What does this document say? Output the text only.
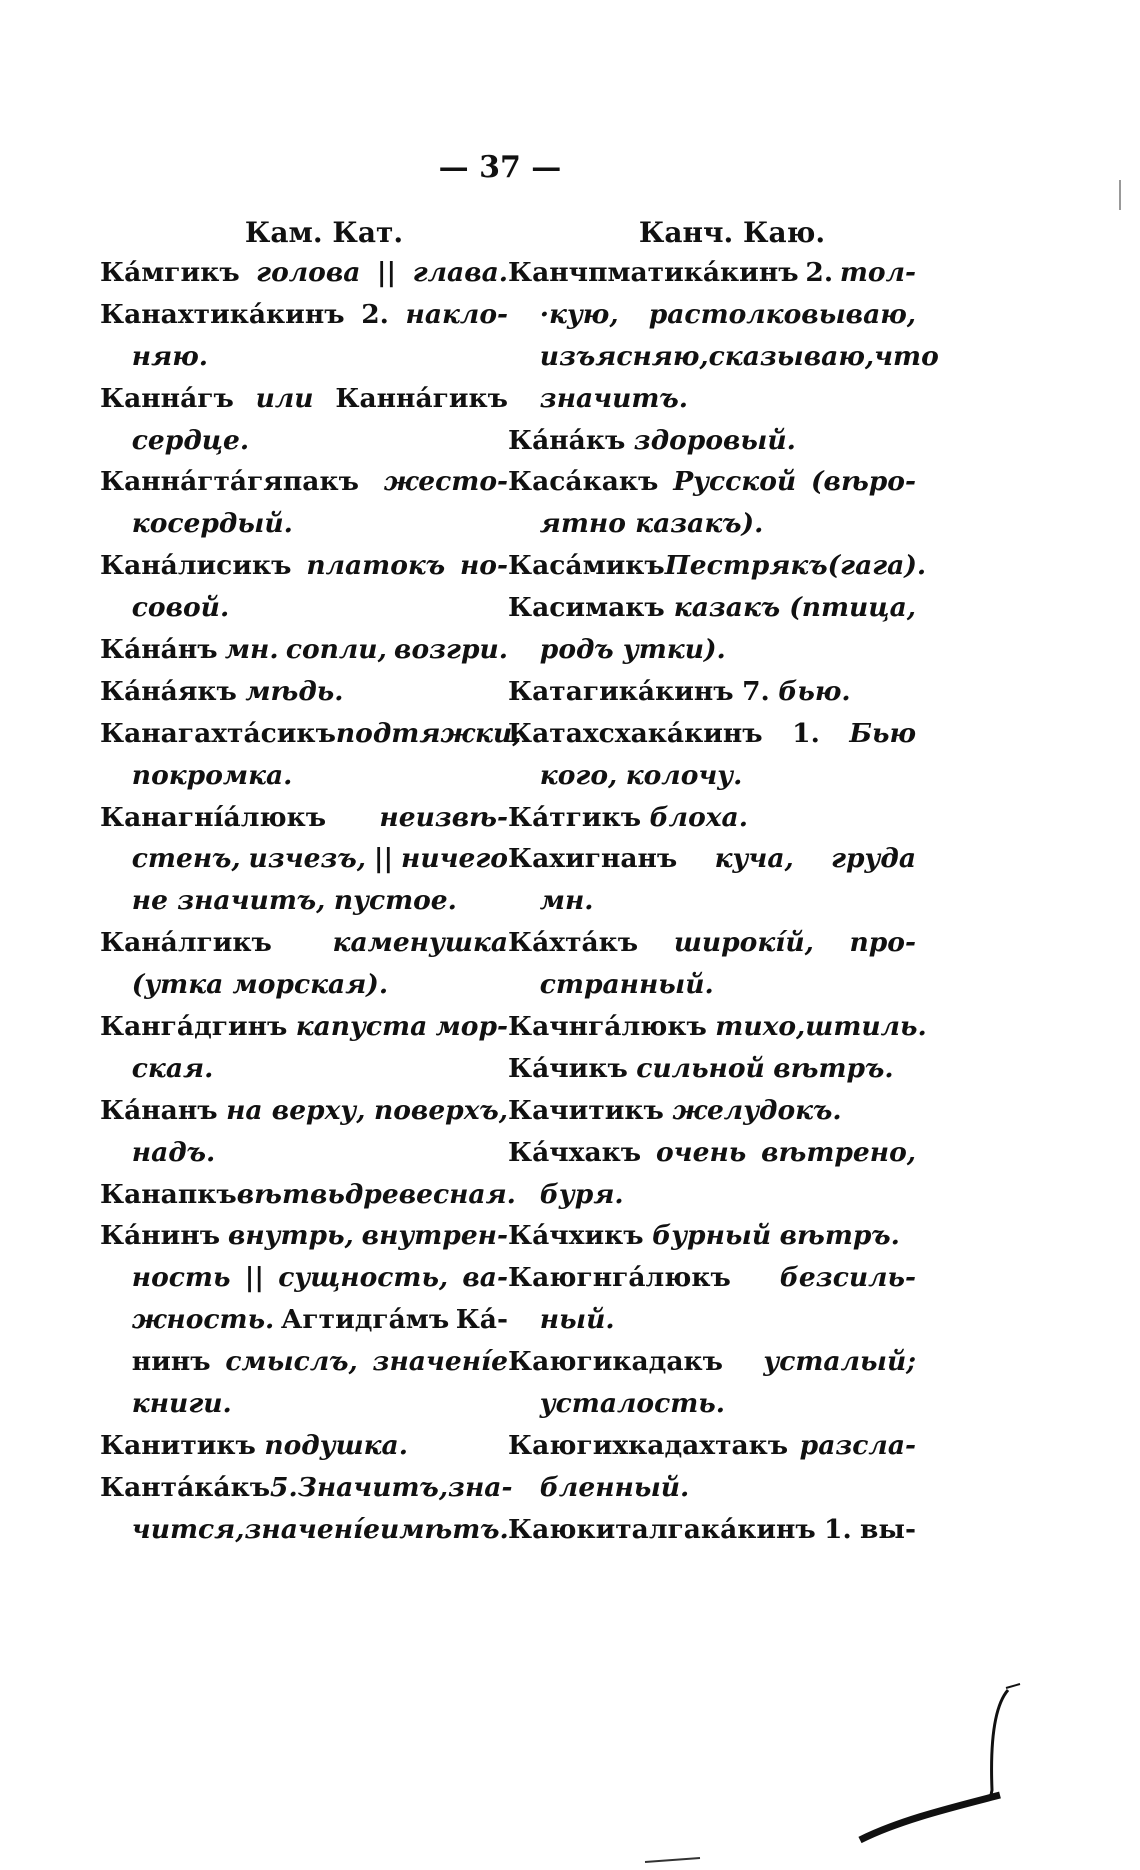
— 37 —
Кам. Кат.
Кáмгикъ голова || глава.
Канахтикáкинъ 2. накло-
няю.
Каннáгъ или Каннáгикъ
сердце.
Каннáгтáгяпакъ жесто-
косердый.
Канáлисикъ платокъ но-
совой.
Кáнáнъ мн. сопли, возгри.
Кáнáякъ мѣдь.
Канагахтáсикъ подтяжки,
покромка.
Канагнíáлюкъ неизвѣ-
стенъ, изчезъ, || ничего
не значитъ, пустое.
Канáлгикъ каменушка
(утка морская).
Кангáдгинъ капуста мор-
ская.
Кáнанъ на верху, поверхъ,
надъ.
Канапкъ вѣтвь древесная.
Кáнинъ внутрь, внутрен-
ность || сущность, ва-
жность. Агтидгáмъ Кá-
нинъ смыслъ, значенíе
книги.
Канитикъ подушка.
Кантáкáкъ 5.Значитъ,зна-
чится, значенíе имѣтъ.
Канч. Каю.
Канчпматикáкинъ 2. тол-
·кую, растолковываю,
изъясняю,сказываю,что
значитъ.
Кáнáкъ здоровый.
Касáкакъ Русской (вѣро-
ятно казакъ).
Касáмикъ Пестрякъ (гага).
Касимакъ казакъ (птица,
родъ утки).
Катагикáкинъ 7. бью.
Катахсхакáкинъ 1. Бью
кого, колочу.
Кáтгикъ блоха.
Кахигнанъ куча, груда
мн.
Кáхтáкъ широкíй, про-
странный.
Качнгáлюкъ тихо,штиль.
Кáчикъ сильной вѣтръ.
Качитикъ желудокъ.
Кáчхакъ очень вѣтрено,
буря.
Кáчхикъ бурный вѣтръ.
Каюгнгáлюкъ безсиль-
ный.
Каюгикадакъ усталый;
усталость.
Каюгихкадахтакъ разсла-
бленный.
Каюкиталгакáкинъ 1. вы-
